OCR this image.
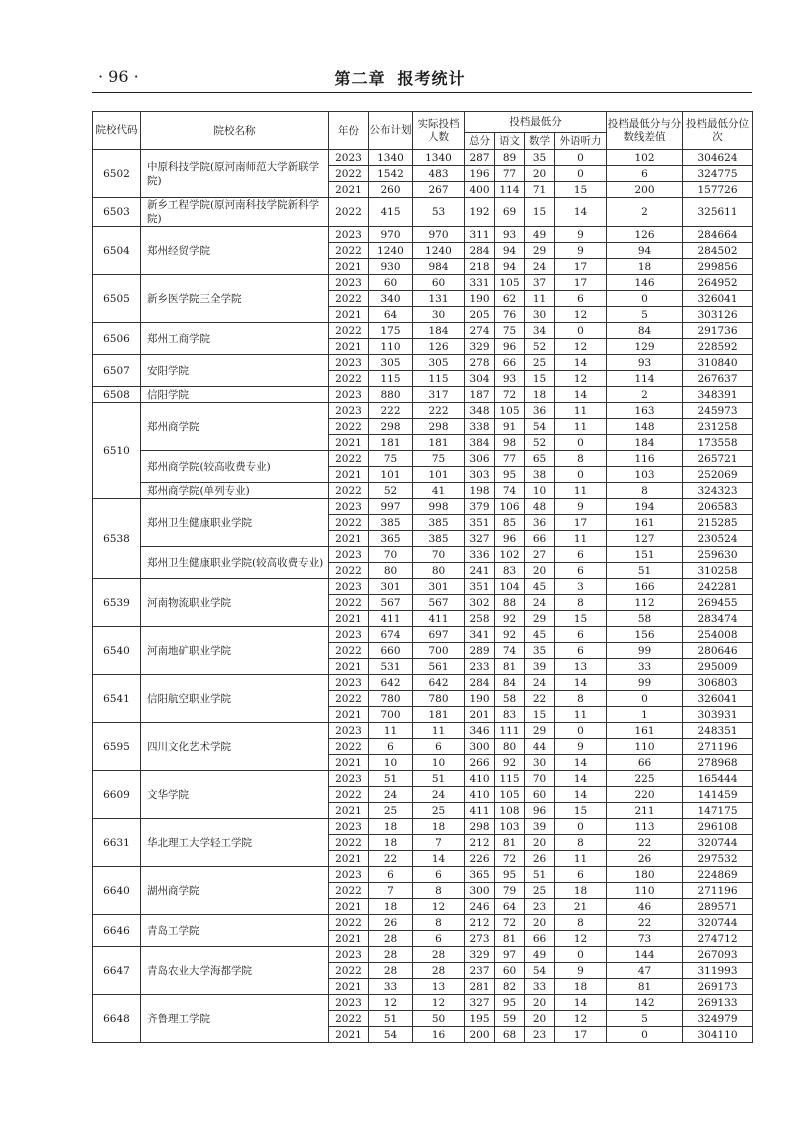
· 96 ·	第二章 报考统计
院校代码	院校名称	年份	公布计划	实际投档人数	投档最低分				投档最低分与分数线差值	投档最低分位次
					总分	语文	数学	外语听力		
6502	中原科技学院(原河南师范大学新联学院)	2023	1340	1340	287	89	35	0	102	304624
		2022	1542	483	196	77	20	0	6	324775
		2021	260	267	400	114	71	15	200	157726
6503	新乡工程学院(原河南科技学院新科学院)	2022	415	53	192	69	15	14	2	325611
6504	郑州经贸学院	2023	970	970	311	93	49	9	126	284664
		2022	1240	1240	284	94	29	9	94	284502
		2021	930	984	218	94	24	17	18	299856
6505	新乡医学院三全学院	2023	60	60	331	105	37	17	146	264952
		2022	340	131	190	62	11	6	0	326041
		2021	64	30	205	76	30	12	5	303126
6506	郑州工商学院	2022	175	184	274	75	34	0	84	291736
		2021	110	126	329	96	52	12	129	228592
6507	安阳学院	2023	305	305	278	66	25	14	93	310840
		2022	115	115	304	93	15	12	114	267637
6508	信阳学院	2023	880	317	187	72	18	14	2	348391
6510	郑州商学院	2023	222	222	348	105	36	11	163	245973
		2022	298	298	338	91	54	11	148	231258
		2021	181	181	384	98	52	0	184	173558
	郑州商学院(较高收费专业)	2022	75	75	306	77	65	8	116	265721
		2021	101	101	303	95	38	0	103	252069
	郑州商学院(单列专业)	2022	52	41	198	74	10	11	8	324323
6538	郑州卫生健康职业学院	2023	997	998	379	106	48	9	194	206583
		2022	385	385	351	85	36	17	161	215285
		2021	365	385	327	96	66	11	127	230524
	郑州卫生健康职业学院(较高收费专业)	2023	70	70	336	102	27	6	151	259630
		2022	80	80	241	83	20	6	51	310258
6539	河南物流职业学院	2023	301	301	351	104	45	3	166	242281
		2022	567	567	302	88	24	8	112	269455
		2021	411	411	258	92	29	15	58	283474
6540	河南地矿职业学院	2023	674	697	341	92	45	6	156	254008
		2022	660	700	289	74	35	6	99	280646
		2021	531	561	233	81	39	13	33	295009
6541	信阳航空职业学院	2023	642	642	284	84	24	14	99	306803
		2022	780	780	190	58	22	8	0	326041
		2021	700	181	201	83	15	11	1	303931
6595	四川文化艺术学院	2023	11	11	346	111	29	0	161	248351
		2022	6	6	300	80	44	9	110	271196
		2021	10	10	266	92	30	14	66	278968
6609	文华学院	2023	51	51	410	115	70	14	225	165444
		2022	24	24	410	105	60	14	220	141459
		2021	25	25	411	108	96	15	211	147175
6631	华北理工大学轻工学院	2023	18	18	298	103	39	0	113	296108
		2022	18	7	212	81	20	8	22	320744
		2021	22	14	226	72	26	11	26	297532
6640	湖州商学院	2023	6	6	365	95	51	6	180	224869
		2022	7	8	300	79	25	18	110	271196
		2021	18	12	246	64	23	21	46	289571
6646	青岛工学院	2022	26	8	212	72	20	8	22	320744
		2021	28	6	273	81	66	12	73	274712
6647	青岛农业大学海都学院	2023	28	28	329	97	49	0	144	267093
		2022	28	28	237	60	54	9	47	311993
		2021	33	13	281	82	33	18	81	269173
6648	齐鲁理工学院	2023	12	12	327	95	20	14	142	269133
		2022	51	50	195	59	20	12	5	324979
		2021	54	16	200	68	23	17	0	304110
